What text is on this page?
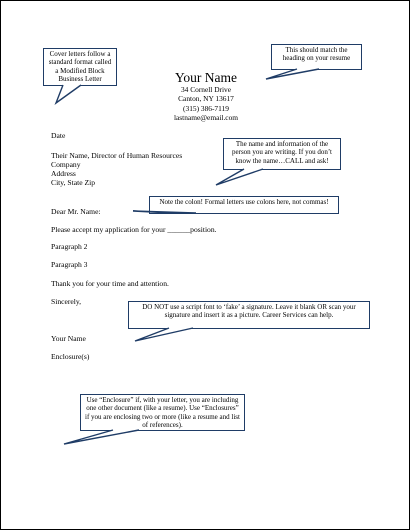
Your Name
34 Cornell Drive
Canton, NY 13617
(315) 386-7119
lastname@email.com
Date
Their Name, Director of Human Resources
Company
Address
City, State Zip
Dear Mr. Name:
Please accept my application for your ______position.
Paragraph 2
Paragraph 3
Thank you for your time and attention.
Sincerely,
Your Name
Enclosure(s)
Cover letters follow a standard format called a Modified Block Business Letter
This should match the heading on your resume
The name and information of the person you are writing. If you don’t know the name…CALL and ask!
Note the colon! Formal letters use colons here, not commas!
DO NOT use a script font to ‘fake’ a signature. Leave it blank OR scan your signature and insert it as a picture. Career Services can help.
Use “Enclosure” if, with your letter, you are including one other document (like a resume). Use “Enclosures” if you are enclosing two or more (like a resume and list of references).
